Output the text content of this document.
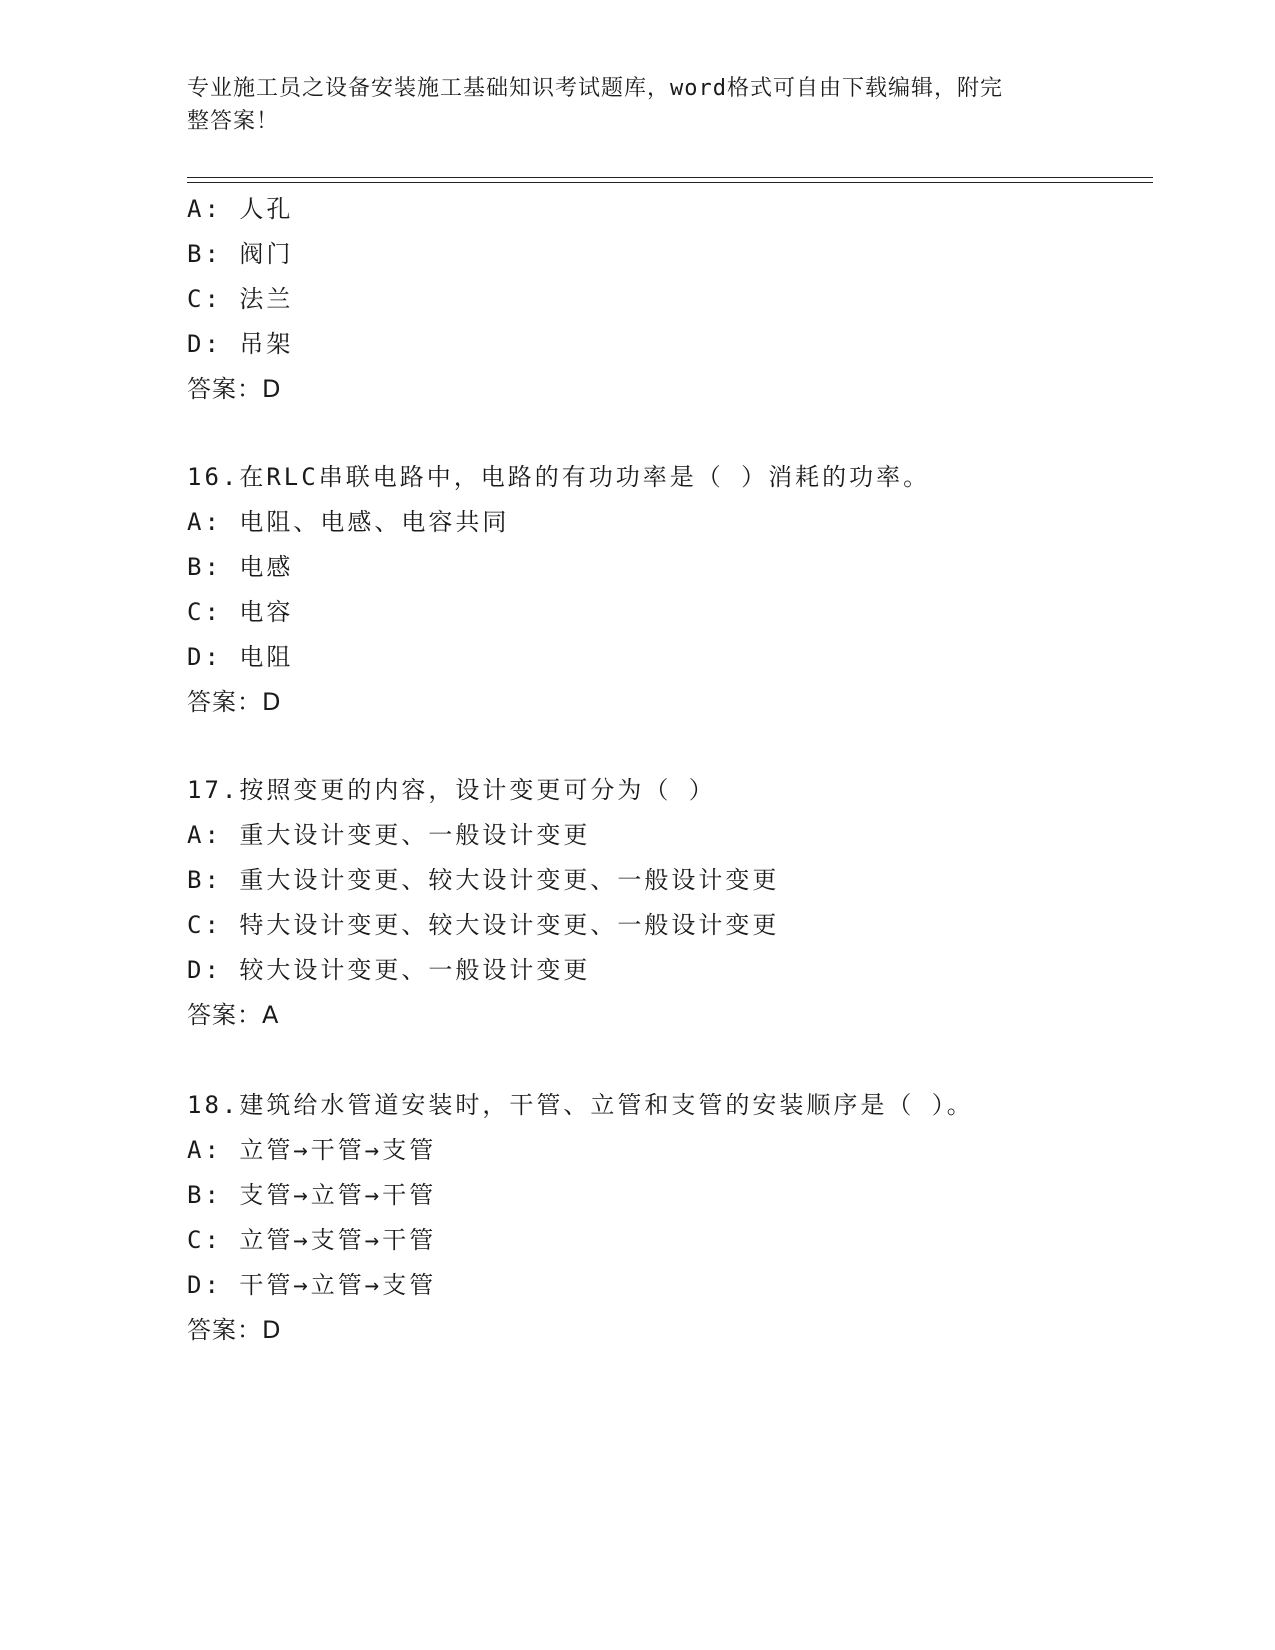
专业施工员之设备安装施工基础知识考试题库，word格式可自由下载编辑，附完
整答案！
A: 人孔
B: 阀门
C: 法兰
D: 吊架
答案：D
16.在RLC串联电路中，电路的有功功率是（ ）消耗的功率。
A: 电阻、电感、电容共同
B: 电感
C: 电容
D: 电阻
答案：D
17.按照变更的内容，设计变更可分为（ ）
A: 重大设计变更、一般设计变更
B: 重大设计变更、较大设计变更、一般设计变更
C: 特大设计变更、较大设计变更、一般设计变更
D: 较大设计变更、一般设计变更
答案：A
18.建筑给水管道安装时，干管、立管和支管的安装顺序是（ ）。
A: 立管→干管→支管
B: 支管→立管→干管
C: 立管→支管→干管
D: 干管→立管→支管
答案：D
